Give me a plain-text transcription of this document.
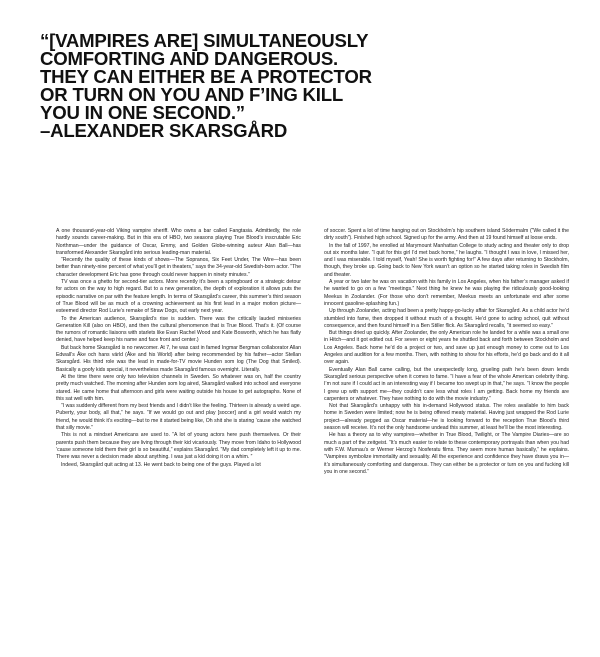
“[VAMPIRES ARE] SIMULTANEOUSLY
COMFORTING AND DANGEROUS.
THEY CAN EITHER BE A PROTECTOR
OR TURN ON YOU AND F’ING KILL
YOU IN ONE SECOND.”
–ALEXANDER SKARSGÅRD

A one thousand-year-old Viking vampire sheriff. Who owns a bar called Fangtasia. Admittedly, the role hardly sounds career-making. But in this era of HBO, two seasons playing True Blood’s inscrutable Eric Northman—under the guidance of Oscar, Emmy, and Golden Globe-winning auteur Alan Ball—has transformed Alexander Skarsgård into serious leading-man material.

“Recently the quality of these kinds of shows—The Sopranos, Six Feet Under, The Wire—has been better than ninety-nine percent of what you’ll get in theaters,” says the 34-year-old Swedish-born actor. “The character development Eric has gone through could never happen in ninety minutes.”

TV was once a ghetto for second-tier actors. More recently it’s been a springboard or a strategic detour for actors on the way to high regard. But to a new generation, the depth of exploration it allows puts the episodic narrative on par with the feature length. In terms of Skarsgård’s career, this summer’s third season of True Blood will be as much of a crowning achievement as his first lead in a major motion picture—esteemed director Rod Lurie’s remake of Straw Dogs, out early next year.

To the American audience, Skarsgård’s rise is sudden. There was the critically lauded miniseries Generation Kill (also on HBO), and then the cultural phenomenon that is True Blood. That’s it. (Of course the rumors of romantic liaisons with starlets like Evan Rachel Wood and Kate Bosworth, which he has flatly denied, have helped keep his name and face front and center.)

But back home Skarsgård is no newcomer. At 7, he was cast in famed Ingmar Bergman collaborator Allan Edwall’s Åke och hans värld (Åke and his World) after being recommended by his father—actor Stellan Skarsgård. His third role was the lead in made-for-TV movie Hunden som log (The Dog that Smiled). Basically a goofy kids special, it nevertheless made Skarsgård famous overnight. Literally.

At the time there were only two television channels in Sweden. So whatever was on, half the country pretty much watched. The morning after Hunden som log aired, Skarsgård walked into school and everyone stared. He came home that afternoon and girls were waiting outside his house to get autographs. None of this sat well with him.

“I was suddenly different from my best friends and I didn’t like the feeling. Thirteen is already a weird age. Puberty, your body, all that,” he says. “If we would go out and play [soccer] and a girl would watch my friend, he would think it’s exciting—but to me it started being like, Oh shit she is staring ‘cause she watched that silly movie.”

This is not a mindset Americans are used to. “A lot of young actors here push themselves. Or their parents push them because they are living through their kid vicariously. They move from Idaho to Hollywood ‘cause someone told them their girl is so beautiful,” explains Skarsgård. “My dad completely left it up to me. There was never a decision made about anything. I was just a kid doing it on a whim. ”

Indeed, Skarsgård quit acting at 13. He went back to being one of the guys. Played a lot

of soccer. Spent a lot of time hanging out on Stockholm’s hip southern island Södermalm (“We called it the dirty south”). Finished high school. Signed up for the army. And then at 19 found himself at loose ends.

In the fall of 1997, he enrolled at Marymount Manhattan College to study acting and theater only to drop out six months later. “I quit for this girl I’d met back home,” he laughs. “I thought I was in love, I missed her, and I was miserable. I told myself, Yeah! She is worth fighting for!” A few days after returning to Stockholm, though, they broke up. Going back to New York wasn’t an option so he started taking roles in Swedish film and theater.

A year or two later he was on vacation with his family in Los Angeles, when his father’s manager asked if he wanted to go on a few “meetings.” Next thing he knew he was playing the ridiculously good-looking Meekus in Zoolander. (For those who don’t remember, Meekus meets an unfortunate end after some innocent gasoline-splashing fun.)

Up through Zoolander, acting had been a pretty happy-go-lucky affair for Skarsgård. As a child actor he’d stumbled into fame, then dropped it without much of a thought. He’d gone to acting school, quit without consequence, and then found himself in a Ben Stiller flick. As Skarsgård recalls, “it seemed so easy.”

But things dried up quickly. After Zoolander, the only American role he landed for a while was a small one in Hitch—and it got edited out. For seven or eight years he shuttled back and forth between Stockholm and Los Angeles. Back home he’d do a project or two, and save up just enough money to come out to Los Angeles and audition for a few months. Then, with nothing to show for his efforts, he’d go back and do it all over again.

Eventually Alan Ball came calling, but the unexpectedly long, grueling path he’s been down lends Skarsgård serious perspective when it comes to fame. “I have a fear of the whole American celebrity thing. I’m not sure if I could act in an interesting way if I became too swept up in that,” he says. “I know the people I grew up with support me—they couldn’t care less what roles I am getting. Back home my friends are carpenters or whatever. They have nothing to do with the movie industry.”

Not that Skarsgård’s unhappy with his in-demand Hollywood status. The roles available to him back home in Sweden were limited; now he is being offered meaty material. Having just wrapped the Rod Lurie project—already pegged as Oscar material—he is looking forward to the reception True Blood’s third season will receive. It’s not the only handsome undead this summer, at least he’ll be the most interesting.

He has a theory as to why vampires—whether in True Blood, Twilight, or The Vampire Diaries—are so much a part of the zeitgeist. “It’s much easier to relate to these contemporary portrayals than when you had with F.W. Murnau’s or Werner Herzog’s Nosferatu films. They seem more human basically,” he explains. “Vampires symbolize immortality and sexuality. All the experience and confidence they have draws you in—it’s simultaneously comforting and dangerous. They can either be a protector or turn on you and fucking kill you in one second.”
